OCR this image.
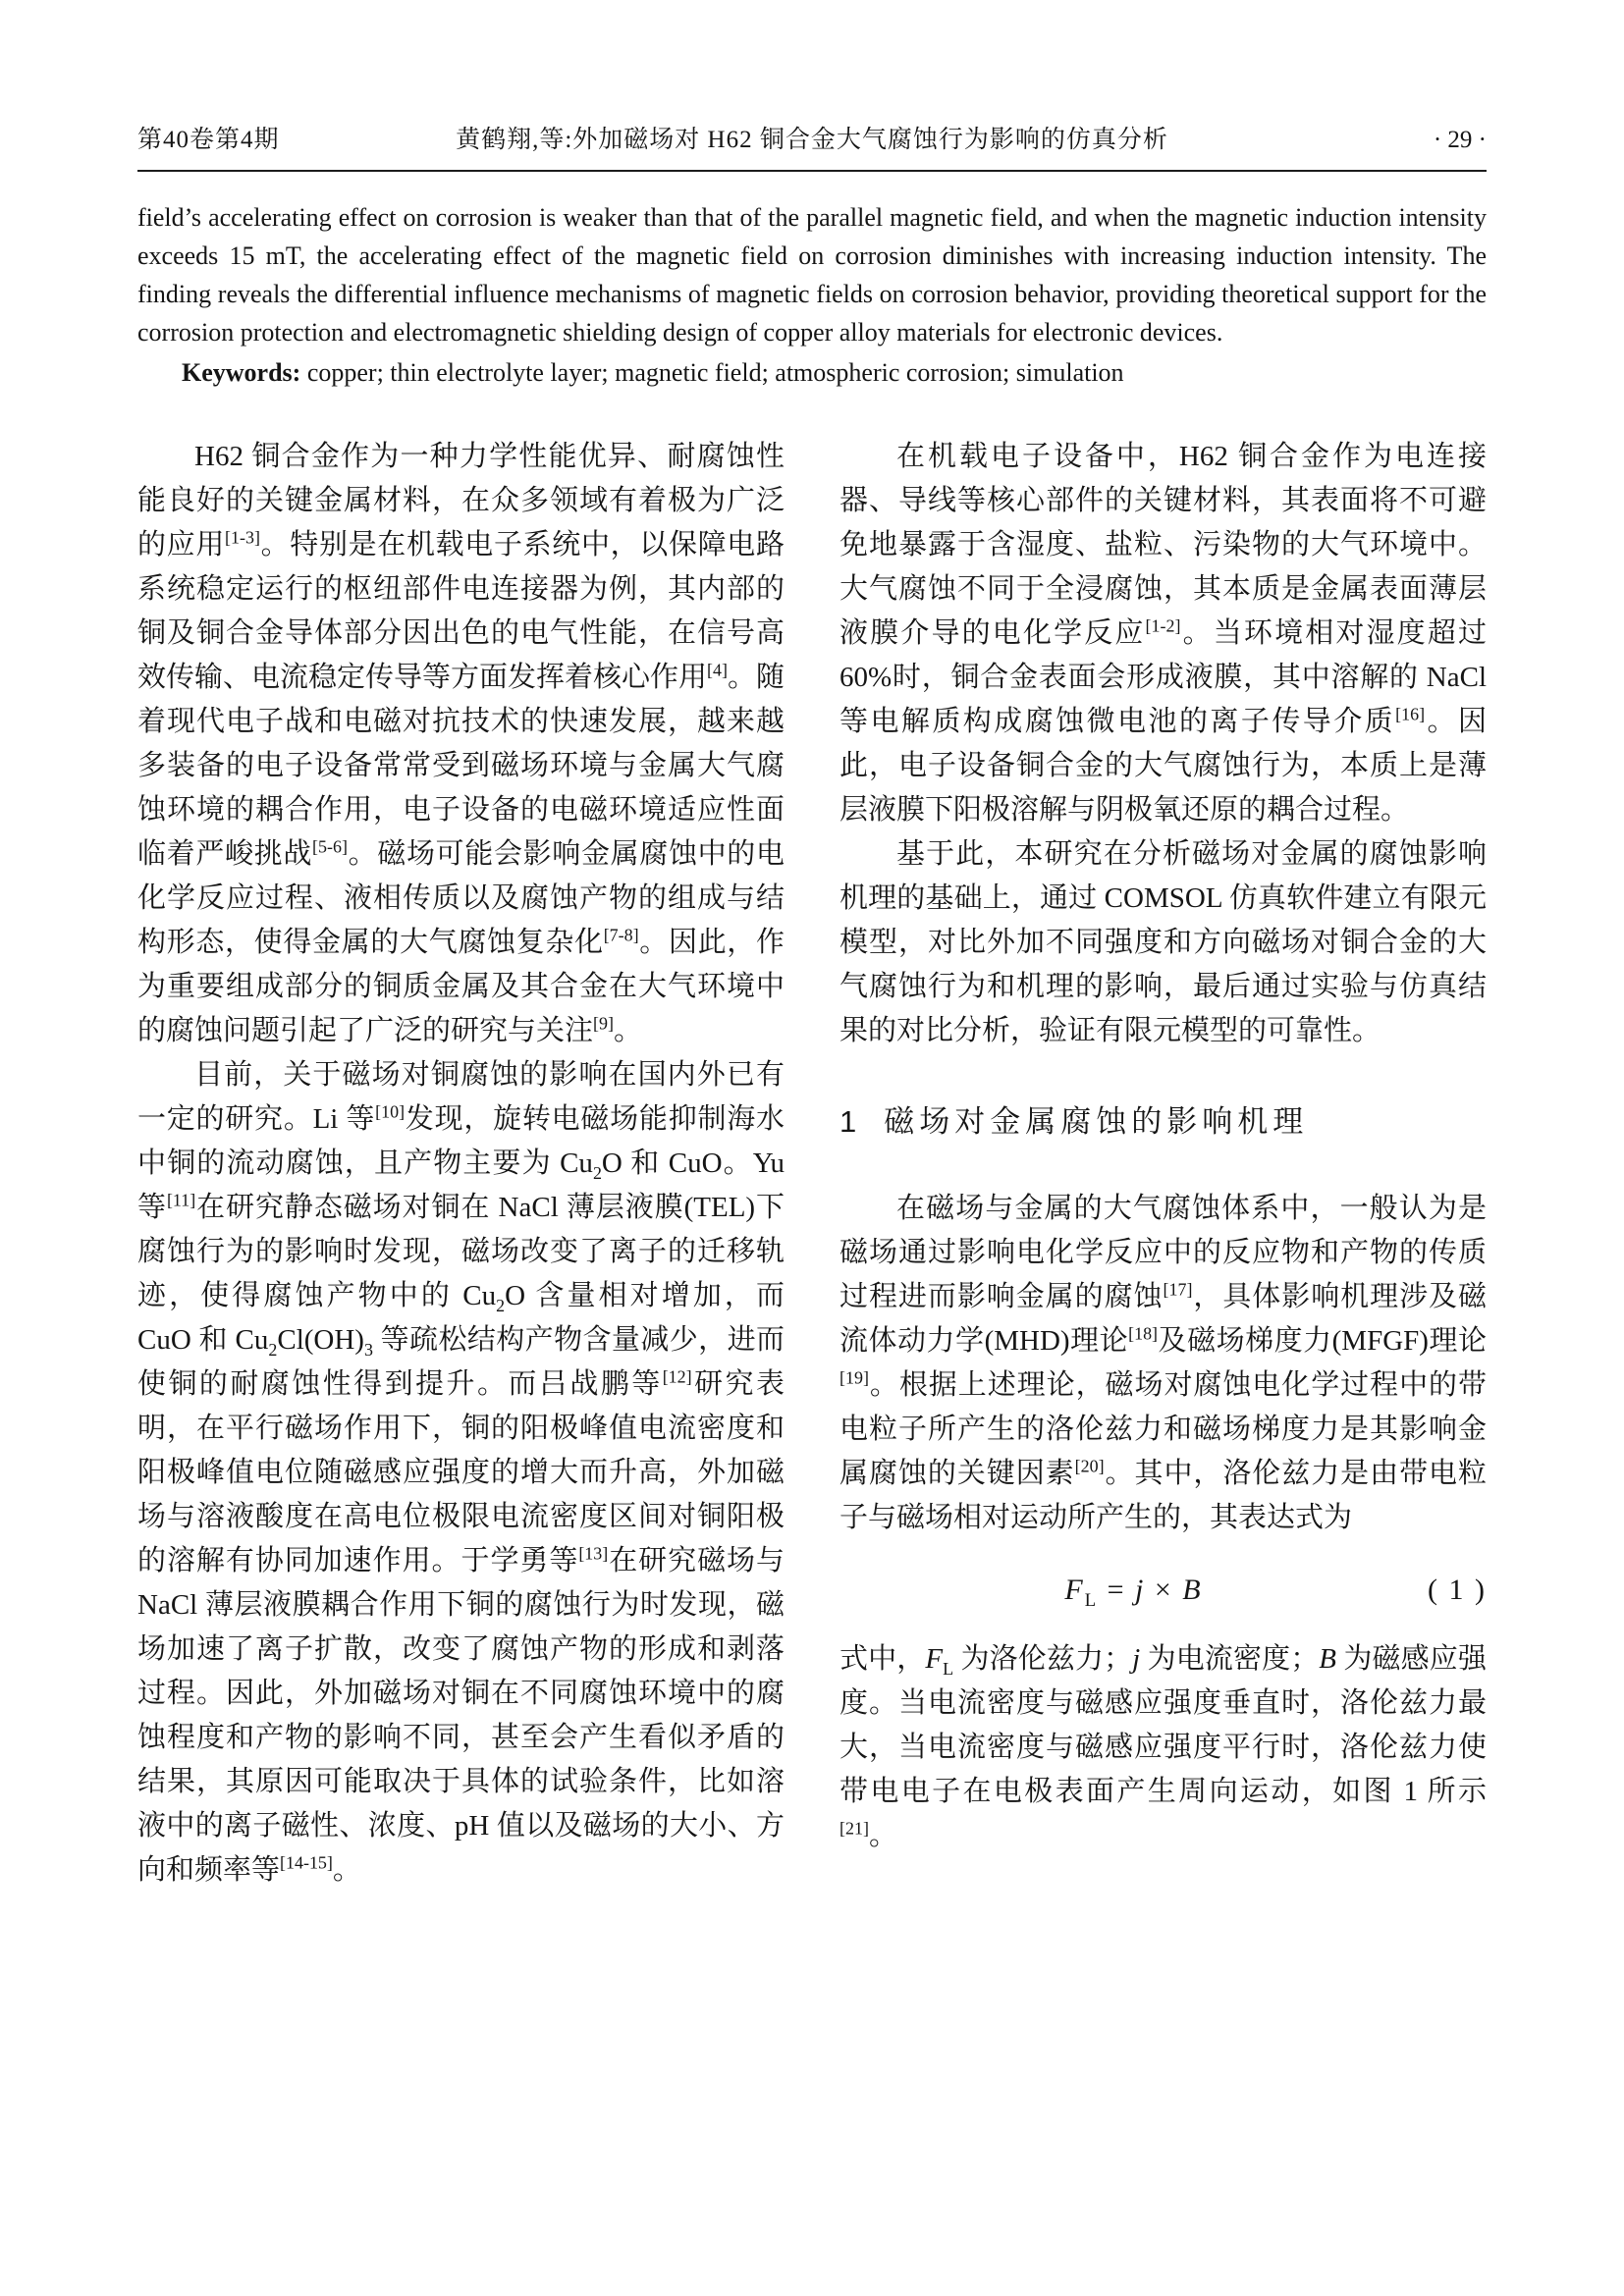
第40卷第4期	黄鹤翔,等:外加磁场对 H62 铜合金大气腐蚀行为影响的仿真分析	· 29 ·

field’s accelerating effect on corrosion is weaker than that of the parallel magnetic field, and when the magnetic induction intensity exceeds 15 mT, the accelerating effect of the magnetic field on corrosion diminishes with increasing induction intensity. The finding reveals the differential influence mechanisms of magnetic fields on corrosion behavior, providing theoretical support for the corrosion protection and electromagnetic shielding design of copper alloy materials for electronic devices.

Keywords: copper; thin electrolyte layer; magnetic field; atmospheric corrosion; simulation

H62 铜合金作为一种力学性能优异、耐腐蚀性能良好的关键金属材料，在众多领域有着极为广泛的应用[1-3]。特别是在机载电子系统中，以保障电路系统稳定运行的枢纽部件电连接器为例，其内部的铜及铜合金导体部分因出色的电气性能，在信号高效传输、电流稳定传导等方面发挥着核心作用[4]。随着现代电子战和电磁对抗技术的快速发展，越来越多装备的电子设备常常受到磁场环境与金属大气腐蚀环境的耦合作用，电子设备的电磁环境适应性面临着严峻挑战[5-6]。磁场可能会影响金属腐蚀中的电化学反应过程、液相传质以及腐蚀产物的组成与结构形态，使得金属的大气腐蚀复杂化[7-8]。因此，作为重要组成部分的铜质金属及其合金在大气环境中的腐蚀问题引起了广泛的研究与关注[9]。

目前，关于磁场对铜腐蚀的影响在国内外已有一定的研究。Li 等[10]发现，旋转电磁场能抑制海水中铜的流动腐蚀，且产物主要为 $Cu_2O$ 和 CuO。Yu 等[11]在研究静态磁场对铜在 NaCl 薄层液膜(TEL)下腐蚀行为的影响时发现，磁场改变了离子的迁移轨迹，使得腐蚀产物中的 $Cu_2O$ 含量相对增加，而 CuO 和 $Cu_2Cl(OH)_3$ 等疏松结构产物含量减少，进而使铜的耐腐蚀性得到提升。而吕战鹏等[12]研究表明，在平行磁场作用下，铜的阳极峰值电流密度和阳极峰值电位随磁感应强度的增大而升高，外加磁场与溶液酸度在高电位极限电流密度区间对铜阳极的溶解有协同加速作用。于学勇等[13]在研究磁场与 NaCl 薄层液膜耦合作用下铜的腐蚀行为时发现，磁场加速了离子扩散，改变了腐蚀产物的形成和剥落过程。因此，外加磁场对铜在不同腐蚀环境中的腐蚀程度和产物的影响不同，甚至会产生看似矛盾的结果，其原因可能取决于具体的试验条件，比如溶液中的离子磁性、浓度、pH 值以及磁场的大小、方向和频率等[14-15]。

在机载电子设备中，H62 铜合金作为电连接器、导线等核心部件的关键材料，其表面将不可避免地暴露于含湿度、盐粒、污染物的大气环境中。大气腐蚀不同于全浸腐蚀，其本质是金属表面薄层液膜介导的电化学反应[1-2]。当环境相对湿度超过 60%时，铜合金表面会形成液膜，其中溶解的 NaCl 等电解质构成腐蚀微电池的离子传导介质[16]。因此，电子设备铜合金的大气腐蚀行为，本质上是薄层液膜下阳极溶解与阴极氧还原的耦合过程。

基于此，本研究在分析磁场对金属的腐蚀影响机理的基础上，通过 COMSOL 仿真软件建立有限元模型，对比外加不同强度和方向磁场对铜合金的大气腐蚀行为和机理的影响，最后通过实验与仿真结果的对比分析，验证有限元模型的可靠性。

1 磁场对金属腐蚀的影响机理

在磁场与金属的大气腐蚀体系中，一般认为是磁场通过影响电化学反应中的反应物和产物的传质过程进而影响金属的腐蚀[17]，具体影响机理涉及磁流体动力学(MHD)理论[18]及磁场梯度力(MFGF)理论[19]。根据上述理论，磁场对腐蚀电化学过程中的带电粒子所产生的洛伦兹力和磁场梯度力是其影响金属腐蚀的关键因素[20]。其中，洛伦兹力是由带电粒子与磁场相对运动所产生的，其表达式为

$F_L = j \times B$	( 1 )

式中，$F_L$ 为洛伦兹力；j 为电流密度；B 为磁感应强度。当电流密度与磁感应强度垂直时，洛伦兹力最大，当电流密度与磁感应强度平行时，洛伦兹力使带电电子在电极表面产生周向运动，如图 1 所示[21]。
